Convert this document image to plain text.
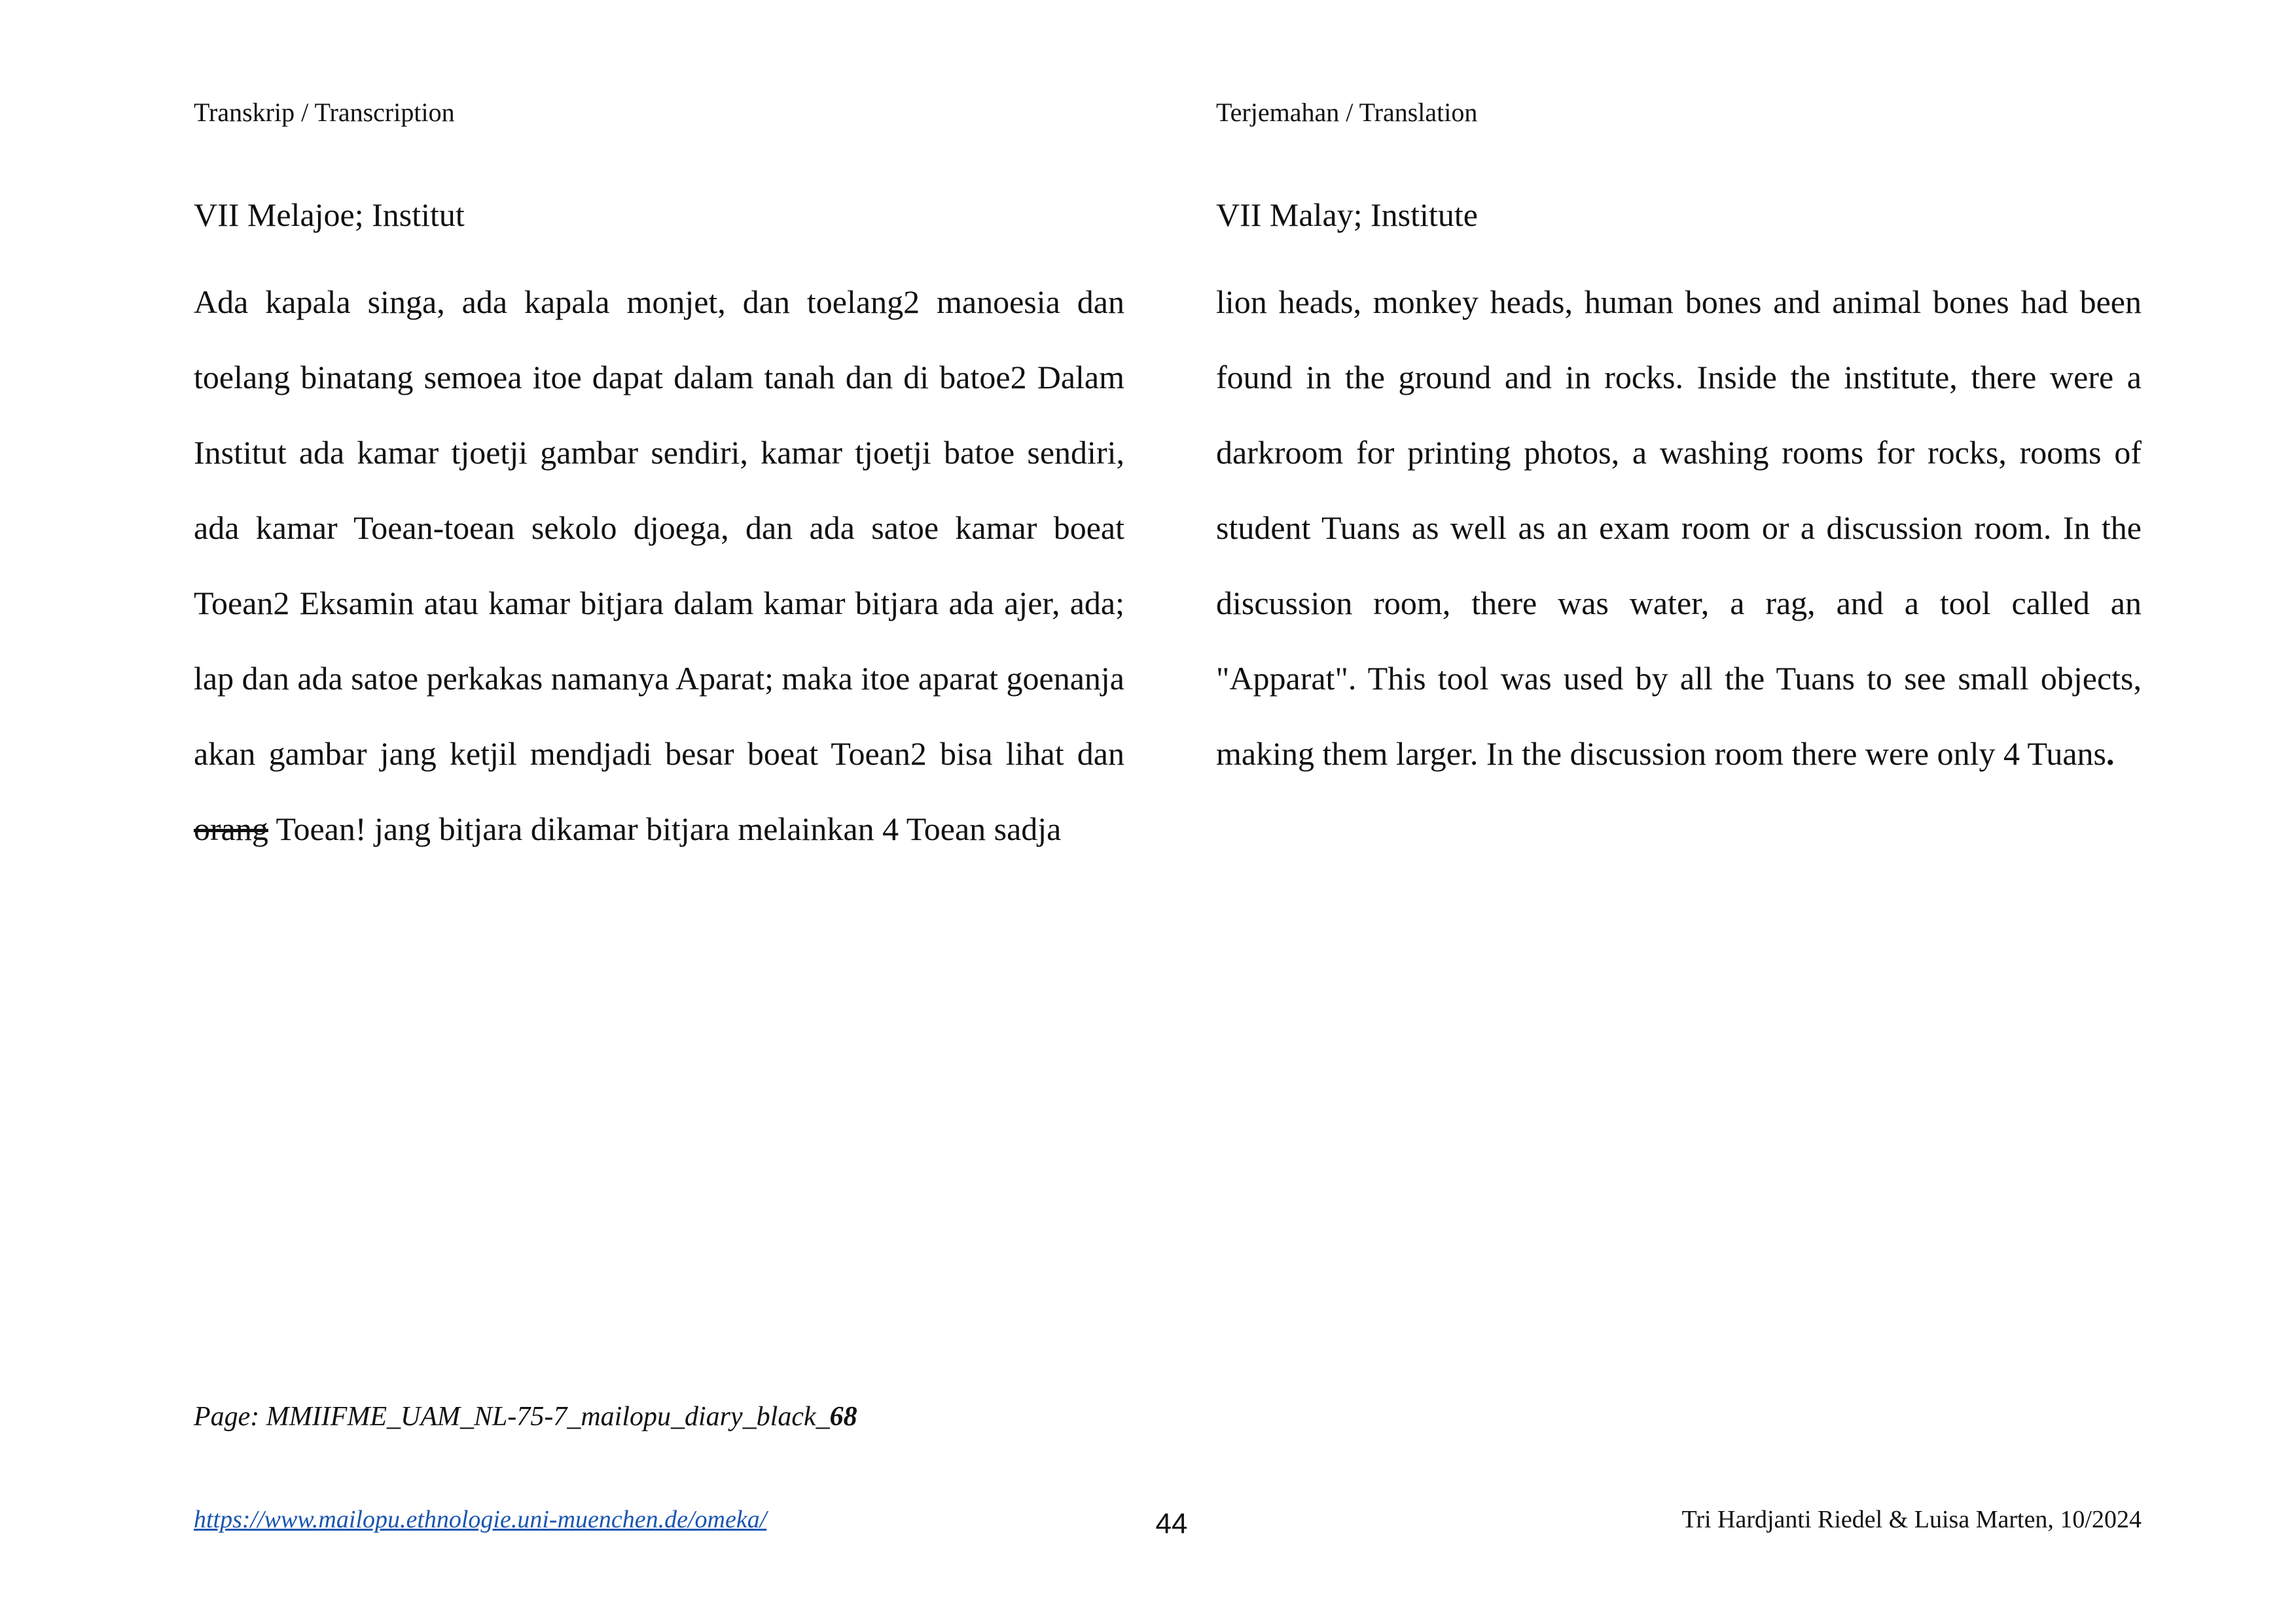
Transkrip / Transcription
VII Melajoe; Institut

Ada kapala singa, ada kapala monjet, dan toelang2 manoesia dan toelang binatang semoea itoe dapat dalam tanah dan di batoe2 Dalam Institut ada kamar tjoetji gambar sendiri, kamar tjoetji batoe sendiri, ada kamar Toean-toean sekolo djoega, dan ada satoe kamar boeat Toean2 Eksamin atau kamar bitjara dalam kamar bitjara ada ajer, ada; lap dan ada satoe perkakas namanya Aparat; maka itoe aparat goenanja akan gambar jang ketjil mendjadi besar boeat Toean2 bisa lihat dan orang Toean! jang bitjara dikamar bitjara melainkan 4 Toean sadja

Terjemahan / Translation
VII Malay; Institute

lion heads, monkey heads, human bones and animal bones had been found in the ground and in rocks. Inside the institute, there were a darkroom for printing photos, a washing rooms for rocks, rooms of student Tuans as well as an exam room or a discussion room. In the discussion room, there was water, a rag, and a tool called an "Apparat". This tool was used by all the Tuans to see small objects, making them larger. In the discussion room there were only 4 Tuans.

Page: MMIIFME_UAM_NL-75-7_mailopu_diary_black_68
https://www.mailopu.ethnologie.uni-muenchen.de/omeka/	44	Tri Hardjanti Riedel & Luisa Marten, 10/2024
